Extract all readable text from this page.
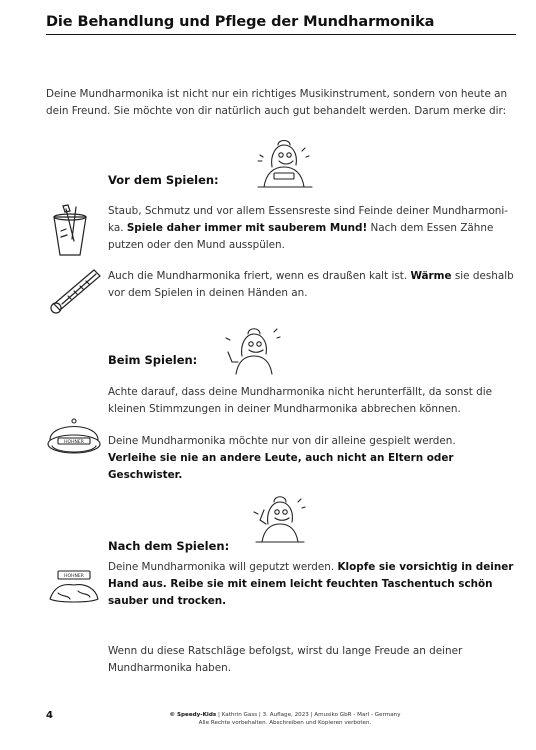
Die Behandlung und Pflege der Mundharmonika
Deine Mundharmonika ist nicht nur ein richtiges Musikinstrument, sondern von heute an dein Freund. Sie möchte von dir natürlich auch gut behandelt werden. Darum merke dir:
Vor dem Spielen:
Staub, Schmutz und vor allem Essensreste sind Feinde deiner Mundharmonika. Spiele daher immer mit sauberem Mund! Nach dem Essen Zähne putzen oder den Mund ausspülen.
Auch die Mundharmonika friert, wenn es draußen kalt ist. Wärme sie deshalb vor dem Spielen in deinen Händen an.
Beim Spielen:
Achte darauf, dass deine Mundharmonika nicht herunterfällt, da sonst die kleinen Stimmzungen in deiner Mundharmonika abbrechen können.
HOHNER Deine Mundharmonika möchte nur von dir alleine gespielt werden.
Verleihe sie nie an andere Leute, auch nicht an Eltern oder Geschwister.
Nach dem Spielen:
HOHNER
Deine Mundharmonika will geputzt werden. Klopfe sie vorsichtig in deiner Hand aus. Reibe sie mit einem leicht feuchten Taschentuch schön sauber und trocken.
Wenn du diese Ratschläge befolgst, wirst du lange Freude an deiner Mundharmonika haben.
4	© Speedy-Kids | Kathrin Gass | 3. Auflage, 2023 | Amusiko GbR - Marl - Germany
Alle Rechte vorbehalten. Abschreiben und Kopieren verboten.
